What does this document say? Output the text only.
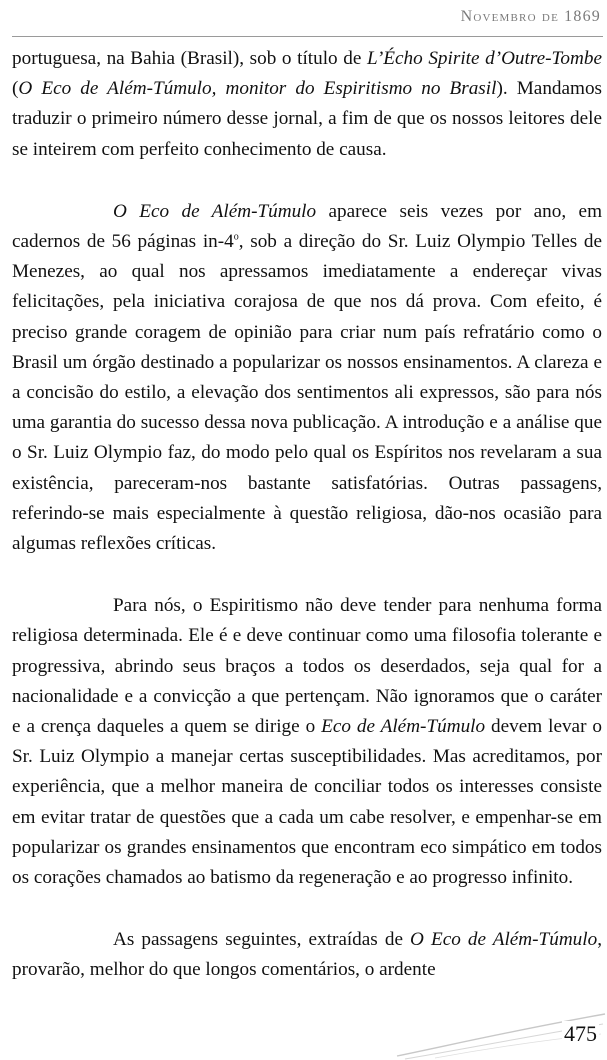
Novembro de 1869

portuguesa, na Bahia (Brasil), sob o título de L’Écho Spirite d’Outre-Tombe (O Eco de Além-Túmulo, monitor do Espiritismo no Brasil). Mandamos traduzir o primeiro número desse jornal, a fim de que os nossos leitores dele se inteirem com perfeito conhecimento de causa.

O Eco de Além-Túmulo aparece seis vezes por ano, em cadernos de 56 páginas in-4$^o$, sob a direção do Sr. Luiz Olympio Telles de Menezes, ao qual nos apressamos imediatamente a endereçar vivas felicitações, pela iniciativa corajosa de que nos dá prova. Com efeito, é preciso grande coragem de opinião para criar num país refratário como o Brasil um órgão destinado a popularizar os nossos ensinamentos. A clareza e a concisão do estilo, a elevação dos sentimentos ali expressos, são para nós uma garantia do sucesso dessa nova publicação. A introdução e a análise que o Sr. Luiz Olympio faz, do modo pelo qual os Espíritos nos revelaram a sua existência, pareceram-nos bastante satisfatórias. Outras passagens, referindo-se mais especialmente à questão religiosa, dão-nos ocasião para algumas reflexões críticas.

Para nós, o Espiritismo não deve tender para nenhuma forma religiosa determinada. Ele é e deve continuar como uma filosofia tolerante e progressiva, abrindo seus braços a todos os deserdados, seja qual for a nacionalidade e a convicção a que pertençam. Não ignoramos que o caráter e a crença daqueles a quem se dirige o Eco de Além-Túmulo devem levar o Sr. Luiz Olympio a manejar certas susceptibilidades. Mas acreditamos, por experiência, que a melhor maneira de conciliar todos os interesses consiste em evitar tratar de questões que a cada um cabe resolver, e empenhar-se em popularizar os grandes ensinamentos que encontram eco simpático em todos os corações chamados ao batismo da regeneração e ao progresso infinito.

As passagens seguintes, extraídas de O Eco de Além-Túmulo, provarão, melhor do que longos comentários, o ardente

475
